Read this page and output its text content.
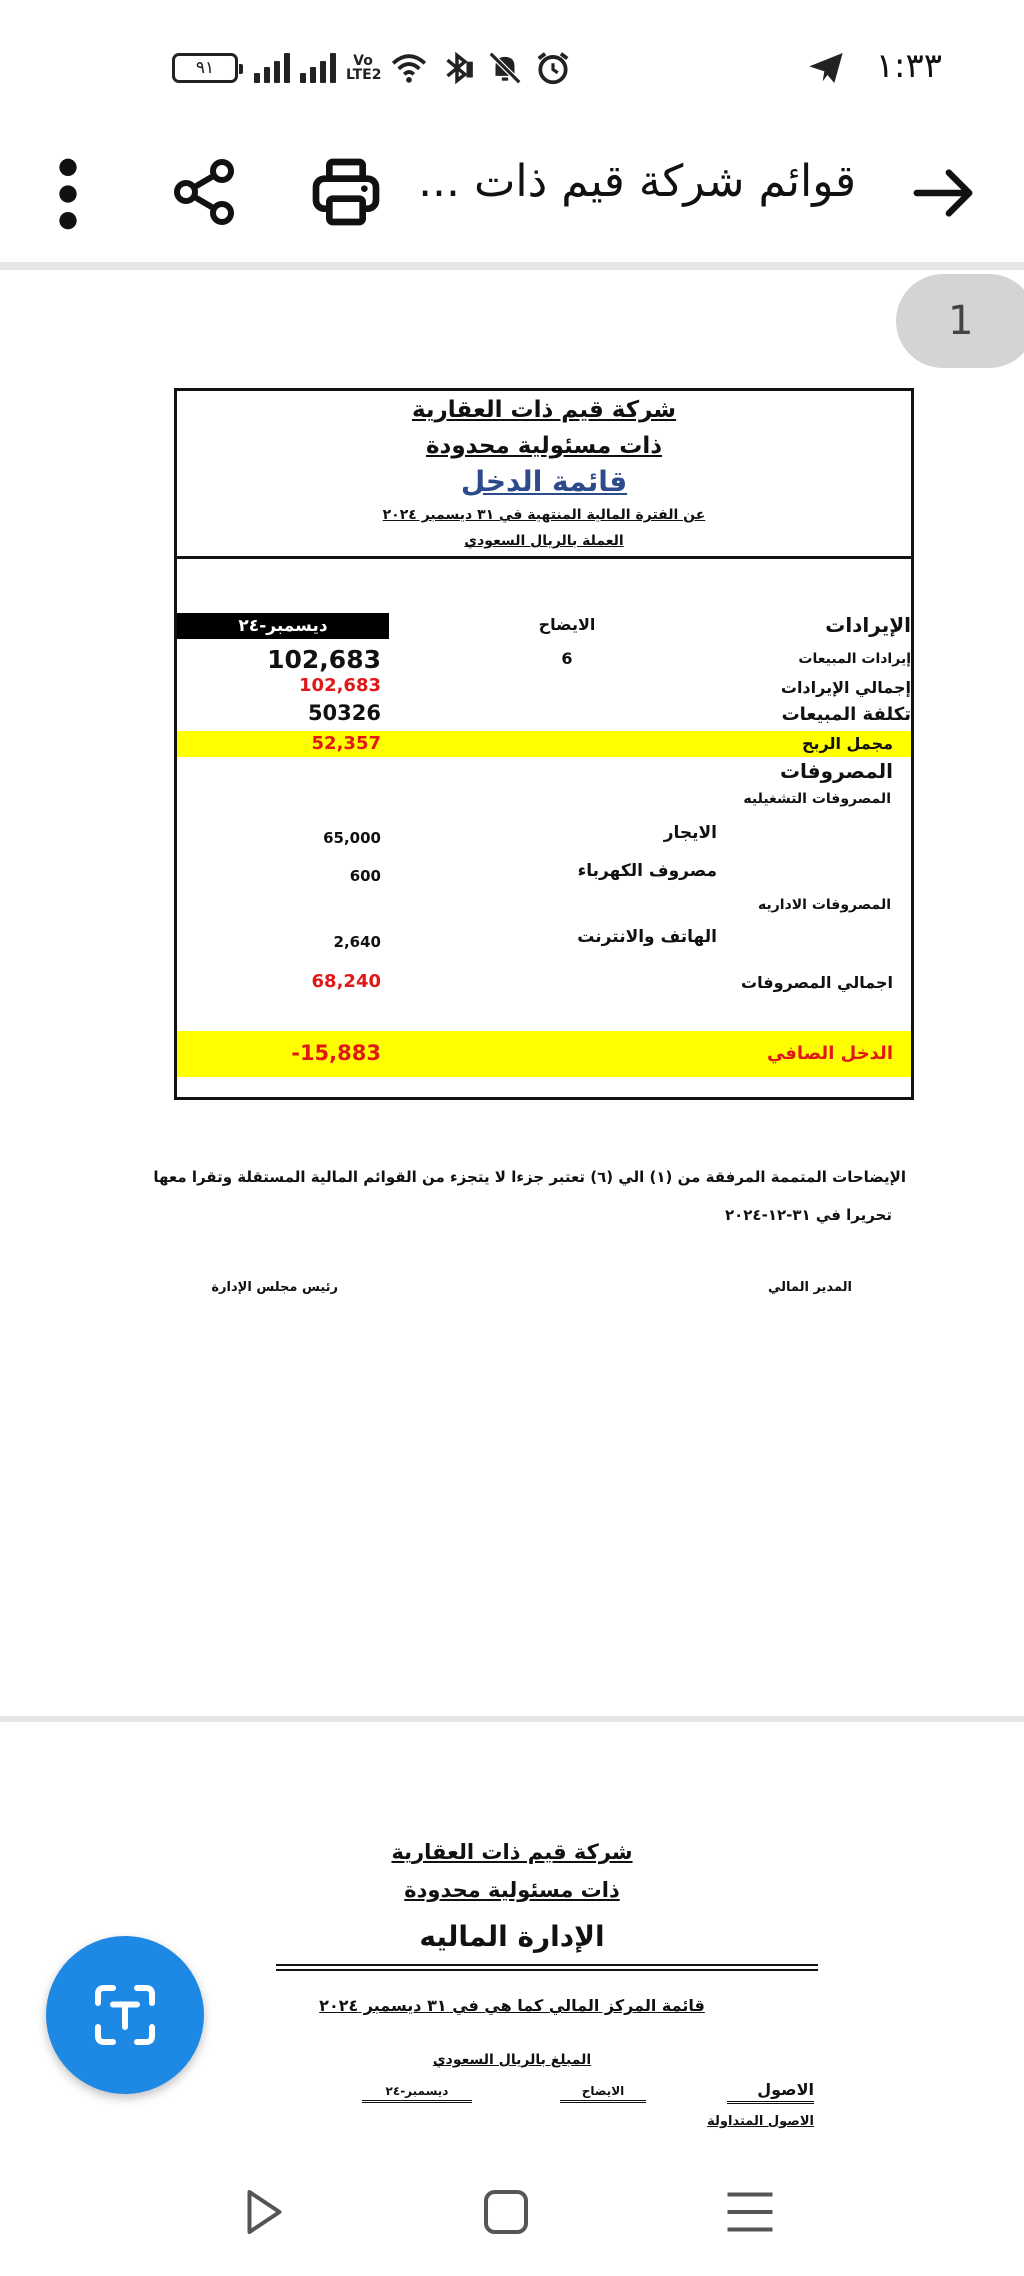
٩١	Vo LTE2	١:٣٣
قوائم شركة قيم ذات ...
1
شركة قيم ذات العقارية
ذات مسئولية محدودة
قائمة الدخل
عن الفترة المالية المنتهية في ٣١ ديسمبر ٢٠٢٤
العملة بالريال السعودي
الإيرادات
الايضاح
ديسمبر-٢٤
إيرادات المبيعات
6
102,683
إجمالي الإيرادات
102,683
تكلفة المبيعات
50326
مجمل الربح
52,357
المصروفات
المصروفات التشغيليه
الايجار
65,000
مصروف الكهرباء
600
المصروفات الاداريه
الهاتف والانترنت
2,640
اجمالي المصروفات
68,240
الدخل الصافي
-15,883
الإيضاحات المتممة المرفقة من (١) الي (٦) تعتبر جزءا لا يتجزء من القوائم المالية المستقلة وتقرا معها
تحريرا في ٣١-١٢-٢٠٢٤
المدير المالي
رئيس مجلس الإدارة
شركة قيم ذات العقارية
ذات مسئولية محدودة
الإدارة الماليه
قائمة المركز المالي كما هي في ٣١ ديسمبر ٢٠٢٤
المبلغ بالريال السعودي
الاصول
الايضاح
ديسمبر-٢٤
الاصول المتداولة
